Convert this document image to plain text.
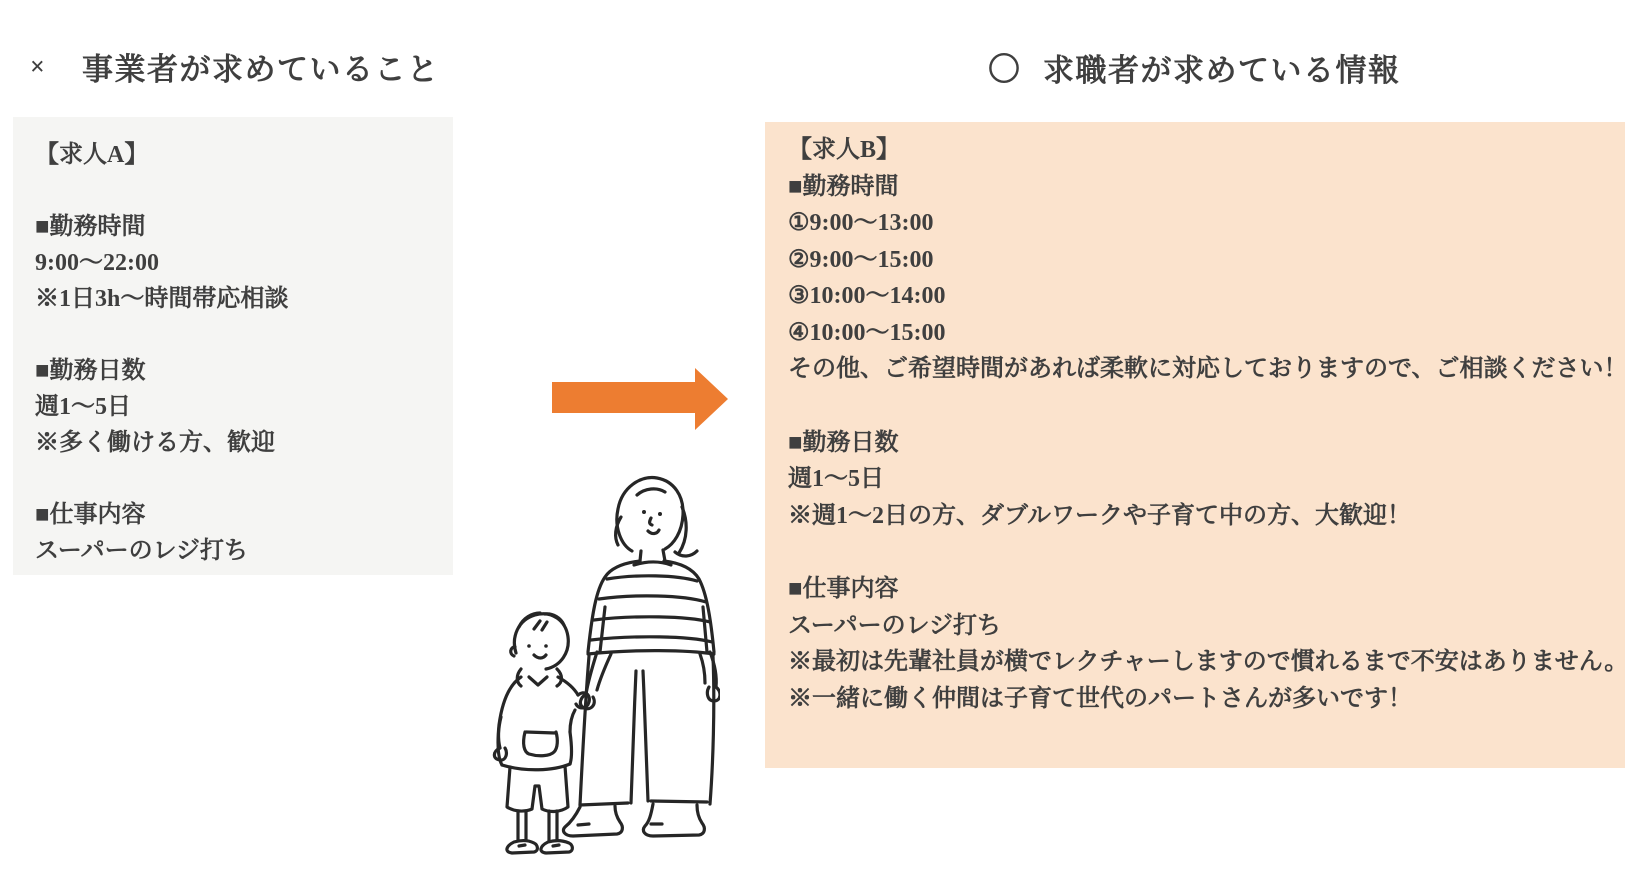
×	事業者が求めていること	〇 求職者が求めている情報
【求人A】
■勤務時間
9:00〜22:00
※1日3h〜時間帯応相談
■勤務日数
週1〜5日
※多く働ける方、歓迎
■仕事内容
スーパーのレジ打ち
【求人B】
■勤務時間
①9:00〜13:00
②9:00〜15:00
③10:00〜14:00
④10:00〜15:00
その他、ご希望時間があれば柔軟に対応しておりますので、ご相談ください！
■勤務日数
週1〜5日
※週1〜2日の方、ダブルワークや子育て中の方、大歓迎！
■仕事内容
スーパーのレジ打ち
※最初は先輩社員が横でレクチャーしますので慣れるまで不安はありません。
※一緒に働く仲間は子育て世代のパートさんが多いです！
